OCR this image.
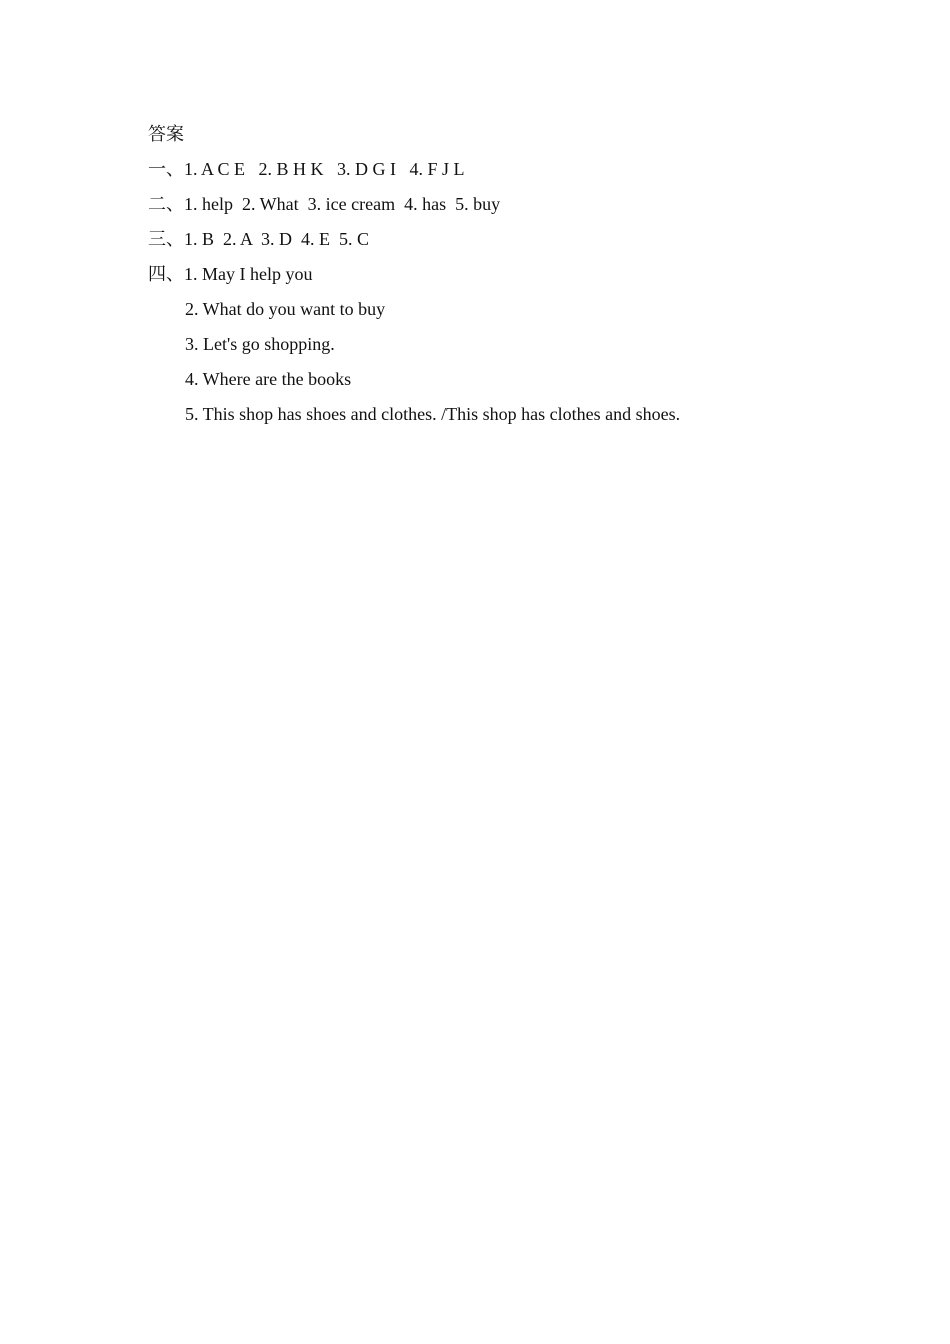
答案
一、1. A C E   2. B H K   3. D G I   4. F J L
二、1. help  2. What  3. ice cream  4. has  5. buy
三、1. B  2. A  3. D  4. E  5. C
四、1. May I help you
2. What do you want to buy
3. Let's go shopping.
4. Where are the books
5. This shop has shoes and clothes. /This shop has clothes and shoes.
